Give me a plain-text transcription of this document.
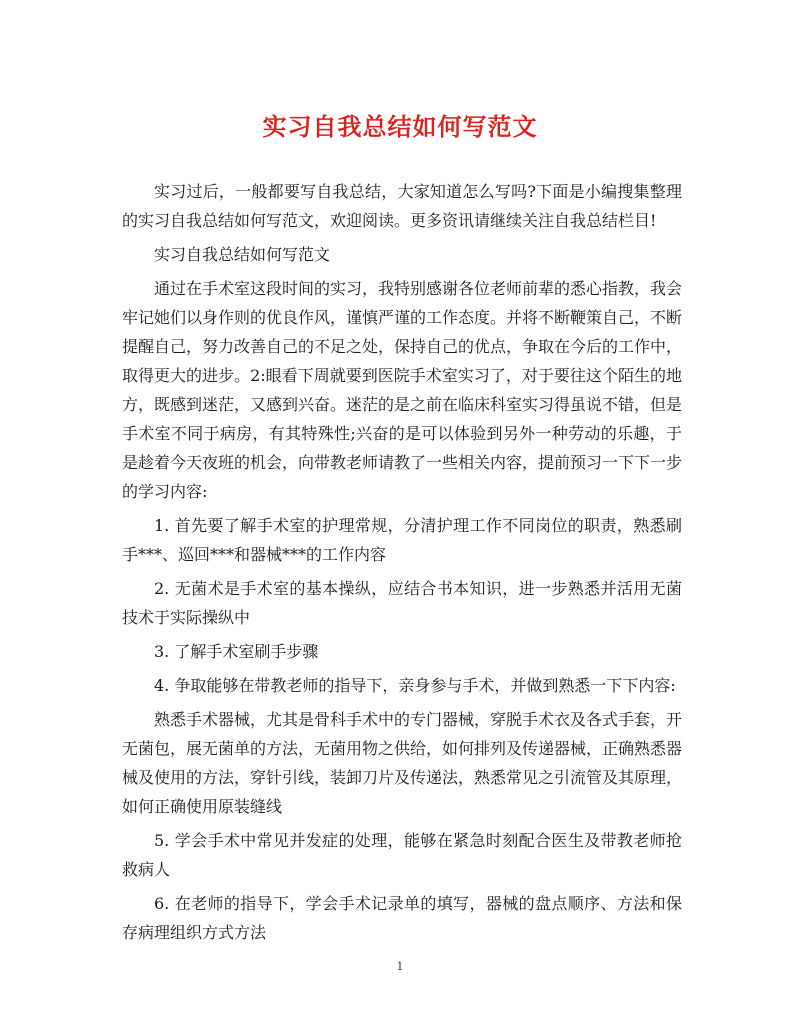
实习自我总结如何写范文

实习过后，一般都要写自我总结，大家知道怎么写吗?下面是小编搜集整理的实习自我总结如何写范文，欢迎阅读。更多资讯请继续关注自我总结栏目!

实习自我总结如何写范文

通过在手术室这段时间的实习，我特别感谢各位老师前辈的悉心指教，我会牢记她们以身作则的优良作风，谨慎严谨的工作态度。并将不断鞭策自己，不断提醒自己，努力改善自己的不足之处，保持自己的优点，争取在今后的工作中，取得更大的进步。2:眼看下周就要到医院手术室实习了，对于要往这个陌生的地方，既感到迷茫，又感到兴奋。迷茫的是之前在临床科室实习得虽说不错，但是手术室不同于病房，有其特殊性;兴奋的是可以体验到另外一种劳动的乐趣，于是趁着今天夜班的机会，向带教老师请教了一些相关内容，提前预习一下下一步的学习内容:

1. 首先要了解手术室的护理常规，分清护理工作不同岗位的职责，熟悉刷手***、巡回***和器械***的工作内容

2. 无菌术是手术室的基本操纵，应结合书本知识，进一步熟悉并活用无菌技术于实际操纵中

3. 了解手术室刷手步骤

4. 争取能够在带教老师的指导下，亲身参与手术，并做到熟悉一下下内容:

熟悉手术器械，尤其是骨科手术中的专门器械，穿脱手术衣及各式手套，开无菌包，展无菌单的方法，无菌用物之供给，如何排列及传递器械，正确熟悉器械及使用的方法，穿针引线，装卸刀片及传递法，熟悉常见之引流管及其原理，如何正确使用原装缝线

5. 学会手术中常见并发症的处理，能够在紧急时刻配合医生及带教老师抢救病人

6. 在老师的指导下，学会手术记录单的填写，器械的盘点顺序、方法和保存病理组织方式方法

1
